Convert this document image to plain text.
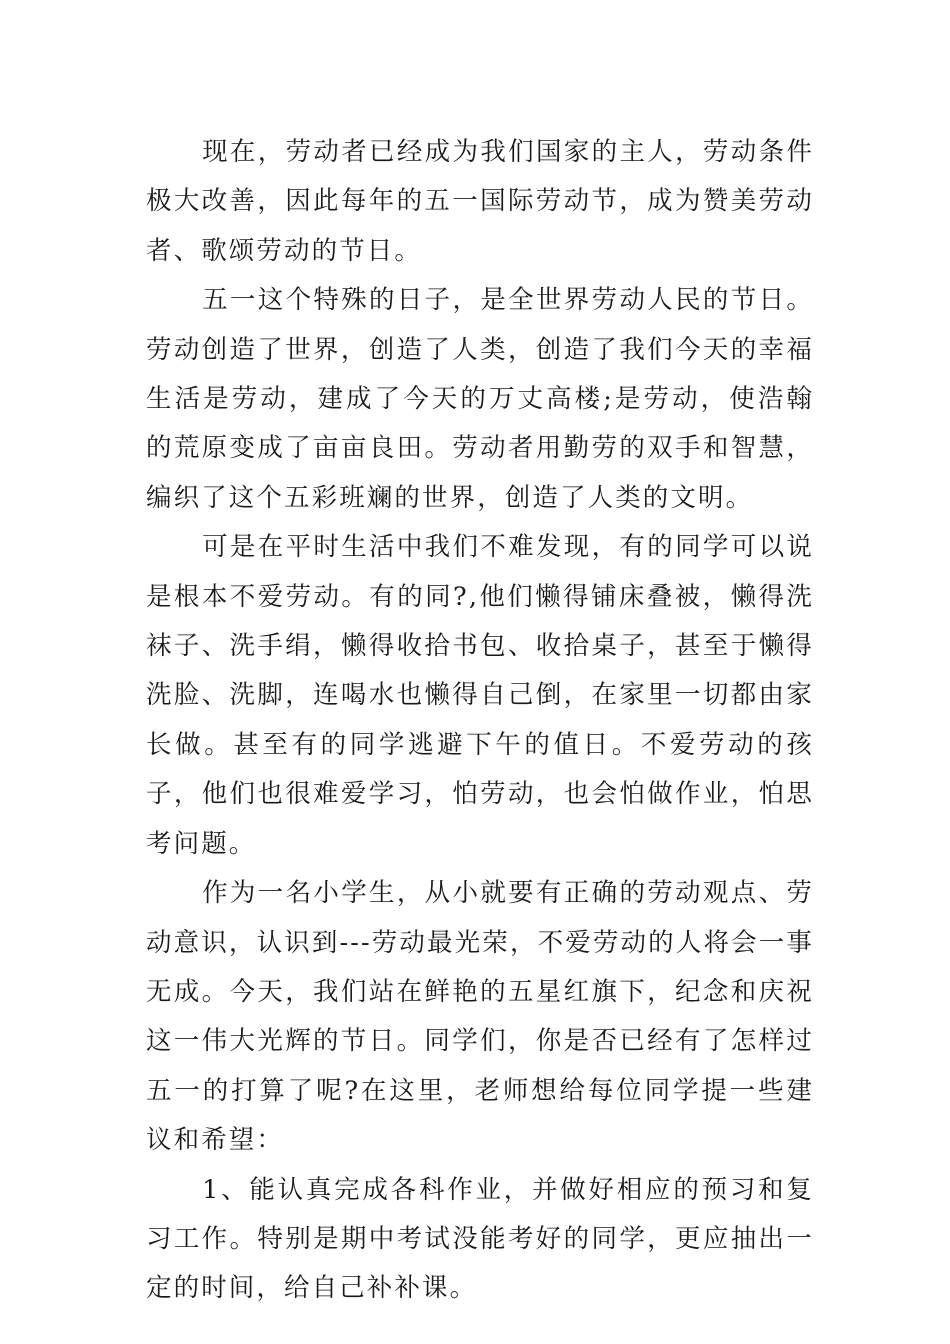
现在，劳动者已经成为我们国家的主人，劳动条件极大改善，因此每年的五一国际劳动节，成为赞美劳动者、歌颂劳动的节日。

五一这个特殊的日子，是全世界劳动人民的节日。劳动创造了世界，创造了人类，创造了我们今天的幸福生活是劳动，建成了今天的万丈高楼;是劳动，使浩翰的荒原变成了亩亩良田。劳动者用勤劳的双手和智慧，编织了这个五彩班斓的世界，创造了人类的文明。

可是在平时生活中我们不难发现，有的同学可以说是根本不爱劳动。有的同?,他们懒得铺床叠被，懒得洗袜子、洗手绢，懒得收拾书包、收拾桌子，甚至于懒得洗脸、洗脚，连喝水也懒得自己倒，在家里一切都由家长做。甚至有的同学逃避下午的值日。不爱劳动的孩子，他们也很难爱学习，怕劳动，也会怕做作业，怕思考问题。

作为一名小学生，从小就要有正确的劳动观点、劳动意识，认识到---劳动最光荣，不爱劳动的人将会一事无成。今天，我们站在鲜艳的五星红旗下，纪念和庆祝这一伟大光辉的节日。同学们，你是否已经有了怎样过五一的打算了呢?在这里，老师想给每位同学提一些建议和希望：

1、能认真完成各科作业，并做好相应的预习和复习工作。特别是期中考试没能考好的同学，更应抽出一定的时间，给自己补补课。
